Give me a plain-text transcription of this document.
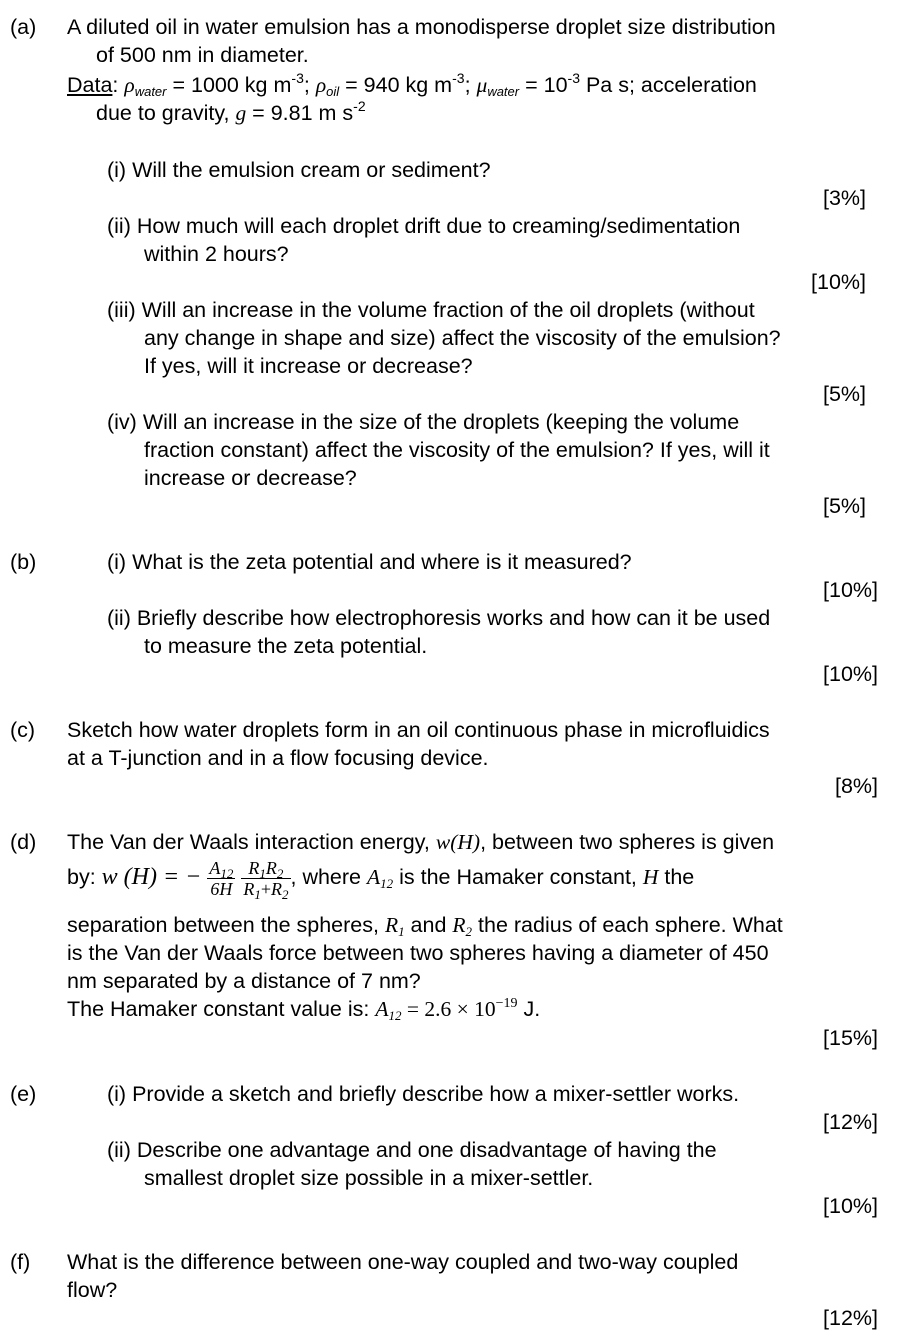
(a) A diluted oil in water emulsion has a monodisperse droplet size distribution
of 500 nm in diameter.
Data: $\rho_{water} = 1000$ kg $m^{-3}$; $\rho_{oil} = 940$ kg $m^{-3}$; $\mu_{water} = 10^{-3}$ Pa s; acceleration
due to gravity, g = 9.81 m $s^{-2}$
(i) Will the emulsion cream or sediment?
[3%]
(ii) How much will each droplet drift due to creaming/sedimentation
within 2 hours?
[10%]
(iii) Will an increase in the volume fraction of the oil droplets (without
any change in shape and size) affect the viscosity of the emulsion?
If yes, will it increase or decrease?
[5%]
(iv) Will an increase in the size of the droplets (keeping the volume
fraction constant) affect the viscosity of the emulsion? If yes, will it
increase or decrease?
[5%]
(b)	(i) What is the zeta potential and where is it measured?
[10%]
(ii) Briefly describe how electrophoresis works and how can it be used
to measure the zeta potential.
[10%]
(c) Sketch how water droplets form in an oil continuous phase in microfluidics
at a T-junction and in a flow focusing device.
[8%]
(d) The Van der Waals interaction energy, w(H), between two spheres is given
by: w (H) = − $\frac{A_{12}}{6H}$
$\frac{R_1R_2}{R_1+R_2}$ , where $A_{12}$ is the Hamaker constant, H the
separation between the spheres, $R_1$ and $R_2$ the radius of each sphere. What
is the Van der Waals force between two spheres having a diameter of 450
nm separated by a distance of 7 nm?
The Hamaker constant value is: $A_{12} = 2.6 \times 10^{-19}$ J.
[15%]
(e)	(i) Provide a sketch and briefly describe how a mixer-settler works.
[12%]
(ii) Describe one advantage and one disadvantage of having the
smallest droplet size possible in a mixer-settler.
[10%]
(f) What is the difference between one-way coupled and two-way coupled
flow?
[12%]
